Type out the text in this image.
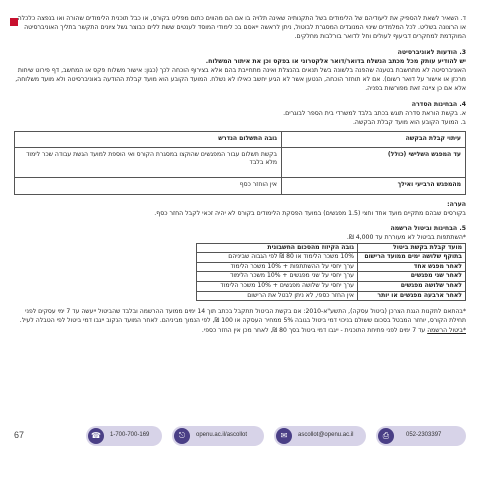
ד. השאיר לשאת להספיק את ליעודיהם של הלימודים בשל התקנותיה שאינה תלויה בו אם הם מהווים כתום מפליט בקורס, או כבל תוכנית הלימודים שהורה ואו בנפצה כלכלה או הרצונה בשליט. לכל המלמדים שינוי המנוגדים המסגרת לבוטול, ניתן לראשה ייאסם בכ לימודי המוסד לענטים ששת ללים כבוצר גשל ציונים התקשר בתליך האוניברסיטה המוקדמת למחקרים דביעוף לעולים וחל לדואר בורלבות מחלקים.

3. הודעות לאוניברסיטה

יש להודיע עותק מכל מכתב הנשלח בדואר/דואר אלקטרוני או בפקס וכן את איתור המשלוח.

האוניברסיטה לא מתחשבת בטענה שהפנה בלשונה בשל תנאים בהנצלת ואינה מתחייבת בהם אלא בצירוף הוכחה לכך (כגון: אישור משלוח פקס או המחשב, דף פירוט שיחות מרכזן או אישור על דואר רשום). אם לא תוחזר הוכחה, הנטען אשר לא הגיע יחשב כאילו לא נשלח. המועד הקובע הוא מועד קבלת ההודעה באוניברסיטה ולא מועד משלוחה, אלא אם כן ציינה זאת מפורשות בפניה.

4. הבחינות הסדרה

א. בקשת הוראת סדרה תוגש בכתב בלבד למשרדי בית הספר לבוגרים.
ב. המועד הקובע הוא מועד קבלת הבקשה.
עיתוי קבלת הבקשה	גובה התשלום הנדרש
עד המפגש השלישי (כולל)	בקשת תשלום עבור המפגשים שהוקצו במסגרת הקורס ואי הוספת למועד הגשת עבודה שכר לימוד מלא בלבד
מהמפגש הרביעי ואילך	אין הוחזר כסף

הערה:

בקורסים שבהם מתקיים מועד אחד וחצי (1.5 מפגשים) במועד הפסקת הלימודים בקורס לא יהיה זכאי לקבל החזר כסף.

5. הבחינות וביטול הרשמה

*השתתפות בביטול לא מעוררת עד 4,000 ₪.

מועד קבלת בקשת ביטול	גובה הקיזוז מהסכום החשבונית
בתוקף שלושה ימים ממועד הרישום	10% משכר הלימוד או 80 ₪ לפי הגבוה שביניהם
לאחר מפגש אחד	ערך יחסי על ההשתתפות + 10% משכר הלימוד
לאחר שני מפגשים	ערך יחסי על שני מפגשים + 10% משכר הלימוד
לאחר שלושה מפגשים	ערך יחסי על שלושה מפגשים + 10% משכר הלימוד
לאחר ארבעה מפגשים או יותר	אין החזר כספי, לא ניתן לבטל את הרישום

*בהתאם לתקנות הגנת הצרכן (ביטול עסקה), התשע"א-2010: אם בקשת הביטול תתקבל בכתב תוך 14 ימים ממועד ההרשמה ובלבד שהביטול ייעשה עד 7 ימי עסקים לפני תחילת הקורס, יוחזר המבטל בסכום ששולם בניכוי דמי ביטול בגובה 5% ממחיר העסקה או 100 ₪, לפי הנמוך מביניהם. לאחר המועד הנקוב ייגבו דמי ביטול לפי הטבלה לעיל.

*ביטול הרשמה עד 7 ימים לפני פתיחת התוכנית - ייגבו דמי ביטול בסך 80 ₪, לאחר מכן אין החזר כספי.

67	☎	1-700-700-169	⎋	openu.ac.il/ascollot	✉	ascollot@openu.ac.il	⎙	052-2303397
